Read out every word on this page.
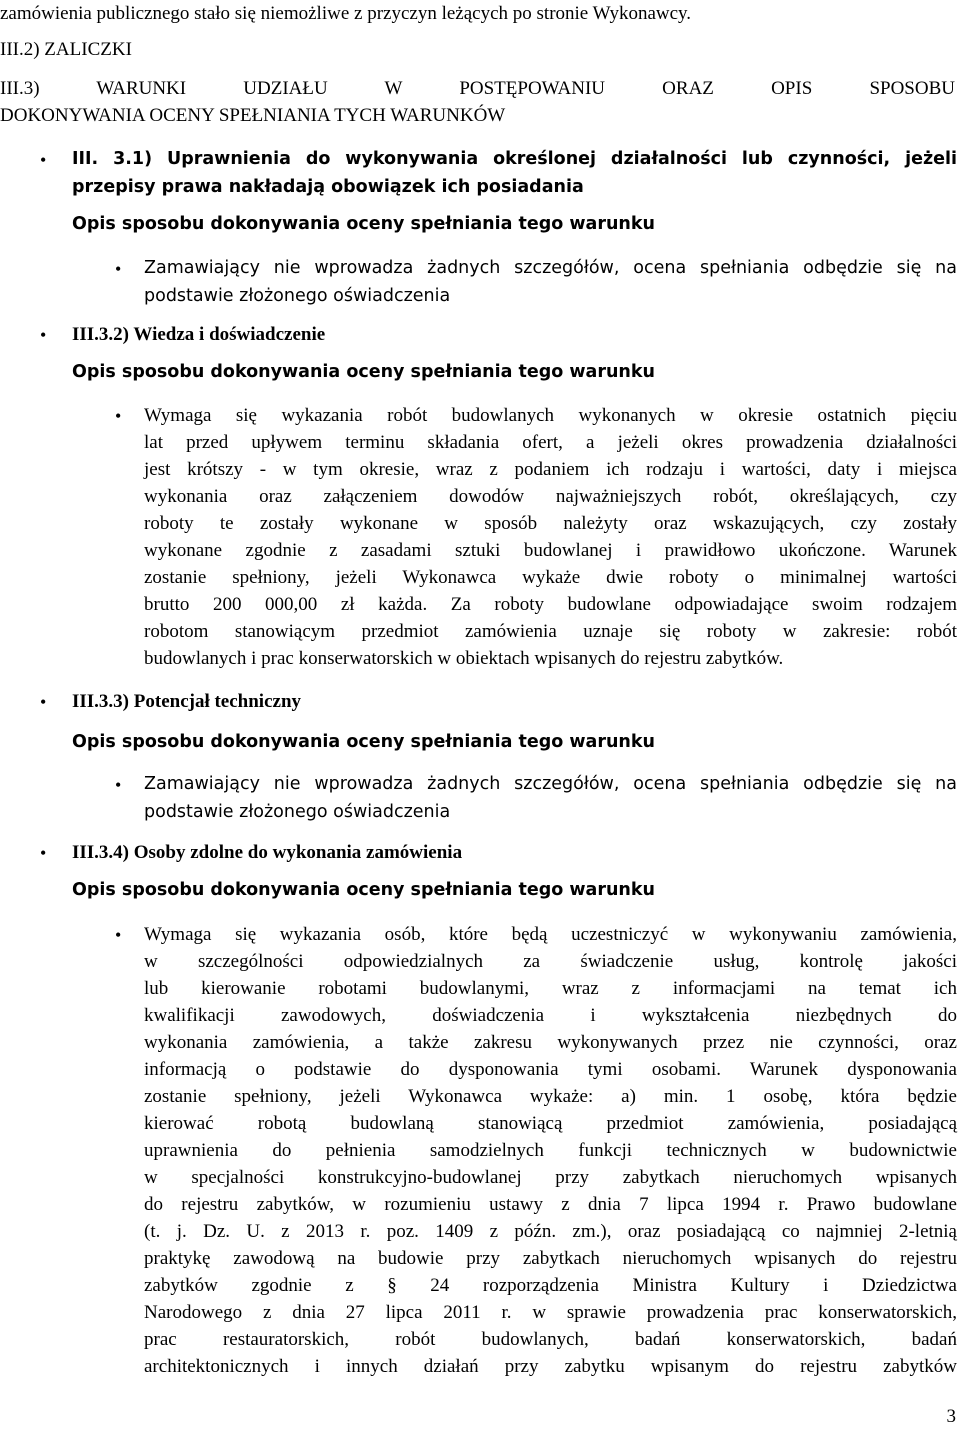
zamówienia publicznego stało się niemożliwe z przyczyn leżących po stronie Wykonawcy.
III.2) ZALICZKI
III.3) WARUNKI UDZIAŁU W POSTĘPOWANIU ORAZ OPIS SPOSOBU
DOKONYWANIA OCENY SPEŁNIANIA TYCH WARUNKÓW
• III. 3.1) Uprawnienia do wykonywania określonej działalności lub czynności, jeżeli
przepisy prawa nakładają obowiązek ich posiadania
Opis sposobu dokonywania oceny spełniania tego warunku
• Zamawiający nie wprowadza żadnych szczegółów, ocena spełniania odbędzie się na
podstawie złożonego oświadczenia
• III.3.2) Wiedza i doświadczenie
Opis sposobu dokonywania oceny spełniania tego warunku
• Wymaga się wykazania robót budowlanych wykonanych w okresie ostatnich pięciu
lat przed upływem terminu składania ofert, a jeżeli okres prowadzenia działalności
jest krótszy - w tym okresie, wraz z podaniem ich rodzaju i wartości, daty i miejsca
wykonania oraz załączeniem dowodów najważniejszych robót, określających, czy
roboty te zostały wykonane w sposób należyty oraz wskazujących, czy zostały
wykonane zgodnie z zasadami sztuki budowlanej i prawidłowo ukończone. Warunek
zostanie spełniony, jeżeli Wykonawca wykaże dwie roboty o minimalnej wartości
brutto 200 000,00 zł każda. Za roboty budowlane odpowiadające swoim rodzajem
robotom stanowiącym przedmiot zamówienia uznaje się roboty w zakresie: robót
budowlanych i prac konserwatorskich w obiektach wpisanych do rejestru zabytków.
• III.3.3) Potencjał techniczny
Opis sposobu dokonywania oceny spełniania tego warunku
• Zamawiający nie wprowadza żadnych szczegółów, ocena spełniania odbędzie się na
podstawie złożonego oświadczenia
• III.3.4) Osoby zdolne do wykonania zamówienia
Opis sposobu dokonywania oceny spełniania tego warunku
• Wymaga się wykazania osób, które będą uczestniczyć w wykonywaniu zamówienia,
w szczególności odpowiedzialnych za świadczenie usług, kontrolę jakości
lub kierowanie robotami budowlanymi, wraz z informacjami na temat ich
kwalifikacji zawodowych, doświadczenia i wykształcenia niezbędnych do
wykonania zamówienia, a także zakresu wykonywanych przez nie czynności, oraz
informacją o podstawie do dysponowania tymi osobami. Warunek dysponowania
zostanie spełniony, jeżeli Wykonawca wykaże: a) min. 1 osobę, która będzie
kierować robotą budowlaną stanowiącą przedmiot zamówienia, posiadającą
uprawnienia do pełnienia samodzielnych funkcji technicznych w budownictwie
w specjalności konstrukcyjno-budowlanej przy zabytkach nieruchomych wpisanych
do rejestru zabytków, w rozumieniu ustawy z dnia 7 lipca 1994 r. Prawo budowlane
(t. j. Dz. U. z 2013 r. poz. 1409 z późn. zm.), oraz posiadającą co najmniej 2-letnią
praktykę zawodową na budowie przy zabytkach nieruchomych wpisanych do rejestru
zabytków zgodnie z § 24 rozporządzenia Ministra Kultury i Dziedzictwa
Narodowego z dnia 27 lipca 2011 r. w sprawie prowadzenia prac konserwatorskich,
prac restauratorskich, robót budowlanych, badań konserwatorskich, badań
architektonicznych i innych działań przy zabytku wpisanym do rejestru zabytków
3
